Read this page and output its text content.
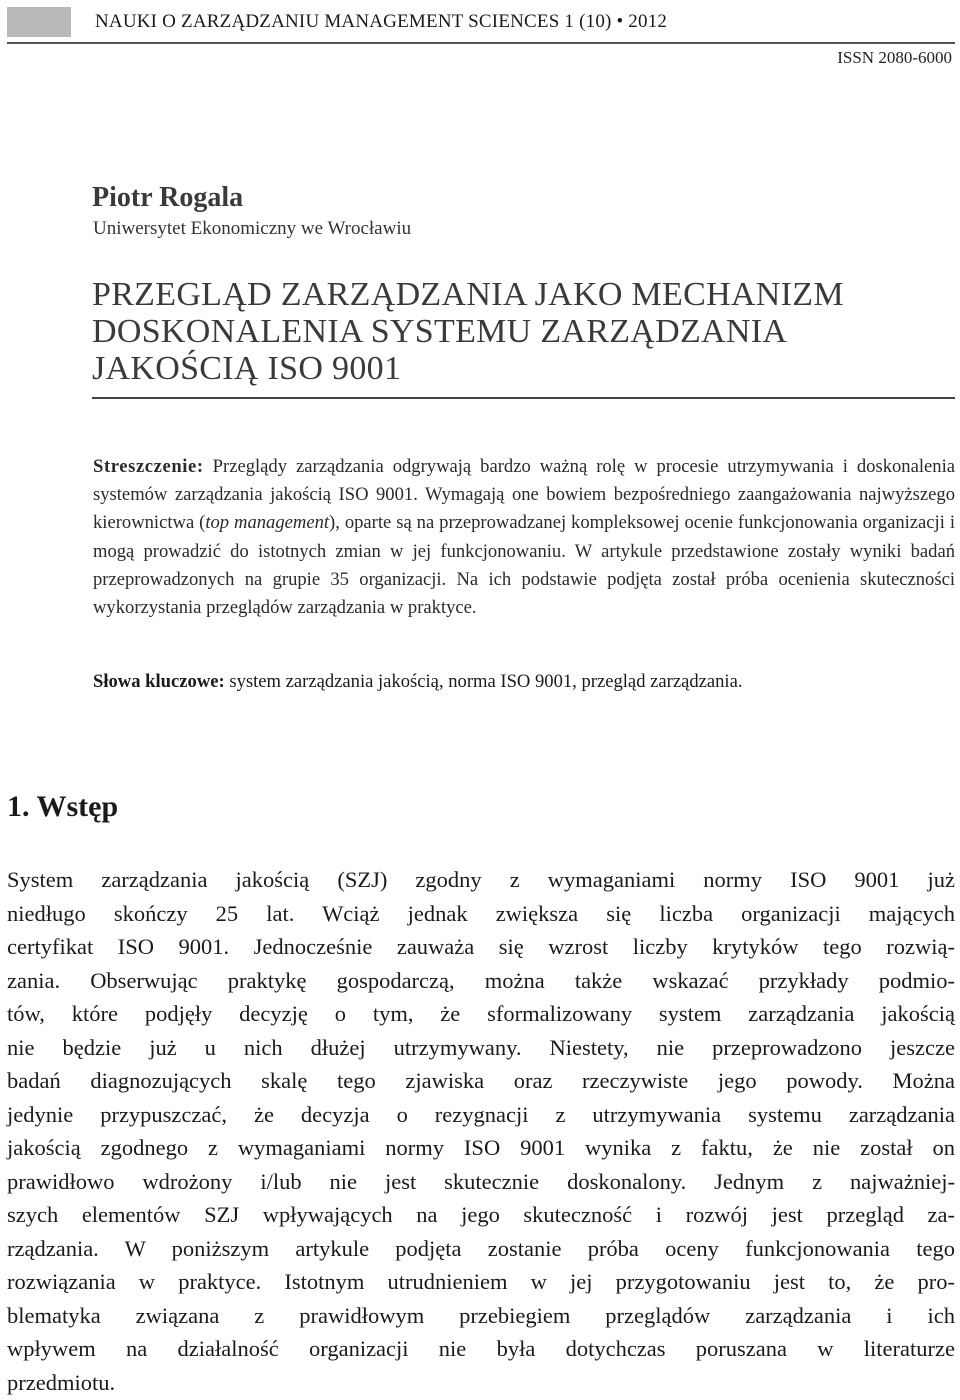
NAUKI O ZARZĄDZANIU MANAGEMENT SCIENCES 1 (10) • 2012
ISSN 2080-6000
Piotr Rogala
Uniwersytet Ekonomiczny we Wrocławiu
PRZEGLĄD ZARZĄDZANIA JAKO MECHANIZM
DOSKONALENIA SYSTEMU ZARZĄDZANIA
JAKOŚCIĄ ISO 9001
Streszczenie: Przeglądy zarządzania odgrywają bardzo ważną rolę w procesie utrzymywania i doskonalenia systemów zarządzania jakością ISO 9001. Wymagają one bowiem bezpośredniego zaangażowania najwyższego kierownictwa (top management), oparte są na przeprowadzanej kompleksowej ocenie funkcjonowania organizacji i mogą prowadzić do istotnych zmian w jej funkcjonowaniu. W artykule przedstawione zostały wyniki badań przeprowadzonych na grupie 35 organizacji. Na ich podstawie podjęta został próba ocenienia skuteczności wykorzystania przeglądów zarządzania w praktyce.
Słowa kluczowe: system zarządzania jakością, norma ISO 9001, przegląd zarządzania.
1. Wstęp
System zarządzania jakością (SZJ) zgodny z wymaganiami normy ISO 9001 już
niedługo skończy 25 lat. Wciąż jednak zwiększa się liczba organizacji mających
certyfikat ISO 9001. Jednocześnie zauważa się wzrost liczby krytyków tego rozwią-
zania. Obserwując praktykę gospodarczą, można także wskazać przykłady podmio-
tów, które podjęły decyzję o tym, że sformalizowany system zarządzania jakością
nie będzie już u nich dłużej utrzymywany. Niestety, nie przeprowadzono jeszcze
badań diagnozujących skalę tego zjawiska oraz rzeczywiste jego powody. Można
jedynie przypuszczać, że decyzja o rezygnacji z utrzymywania systemu zarządzania
jakością zgodnego z wymaganiami normy ISO 9001 wynika z faktu, że nie został on
prawidłowo wdrożony i/lub nie jest skutecznie doskonalony. Jednym z najważniej-
szych elementów SZJ wpływających na jego skuteczność i rozwój jest przegląd za-
rządzania. W poniższym artykule podjęta zostanie próba oceny funkcjonowania tego
rozwiązania w praktyce. Istotnym utrudnieniem w jej przygotowaniu jest to, że pro-
blematyka związana z prawidłowym przebiegiem przeglądów zarządzania i ich
wpływem na działalność organizacji nie była dotychczas poruszana w literaturze
przedmiotu.
